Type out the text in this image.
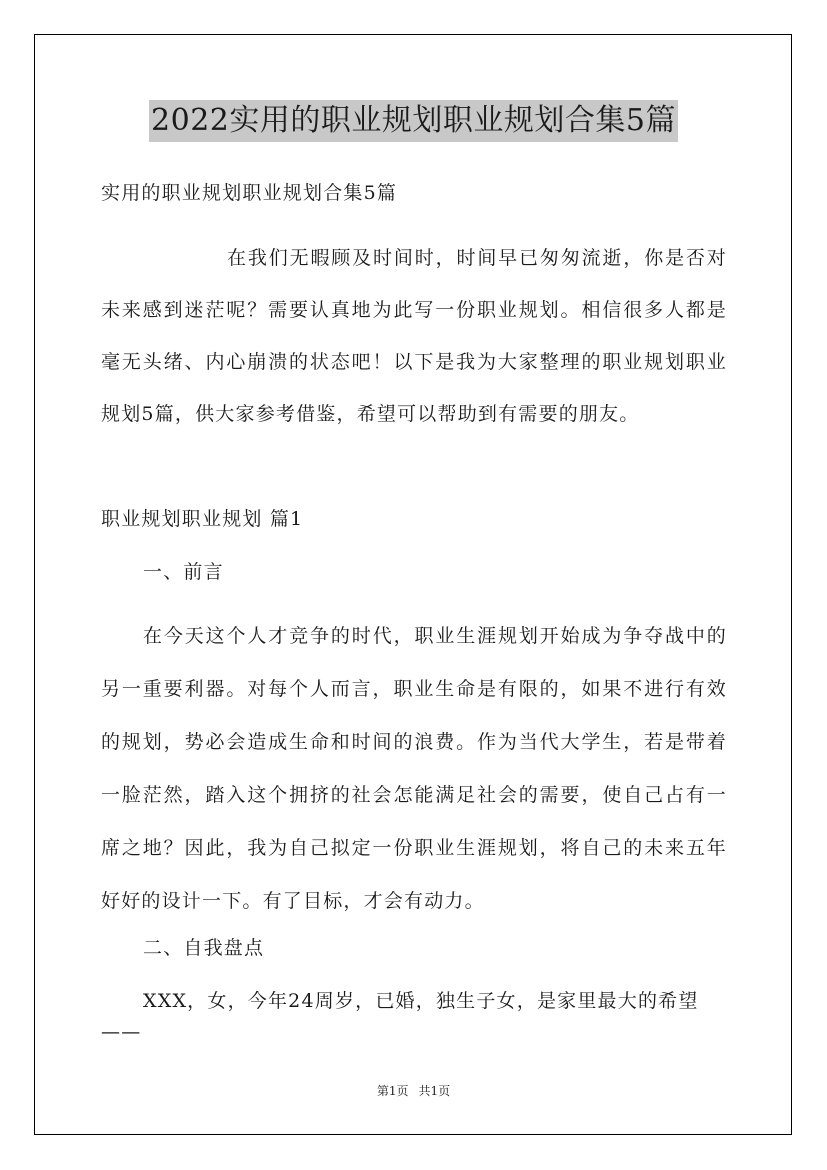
2022实用的职业规划职业规划合集5篇

实用的职业规划职业规划合集5篇

在我们无暇顾及时间时，时间早已匆匆流逝，你是否对未来感到迷茫呢？需要认真地为此写一份职业规划。相信很多人都是毫无头绪、内心崩溃的状态吧！以下是我为大家整理的职业规划职业规划5篇，供大家参考借鉴，希望可以帮助到有需要的朋友。

职业规划职业规划 篇1

一、前言

在今天这个人才竞争的时代，职业生涯规划开始成为争夺战中的另一重要利器。对每个人而言，职业生命是有限的，如果不进行有效的规划，势必会造成生命和时间的浪费。作为当代大学生，若是带着一脸茫然，踏入这个拥挤的社会怎能满足社会的需要，使自己占有一席之地？因此，我为自己拟定一份职业生涯规划，将自己的未来五年好好的设计一下。有了目标，才会有动力。

二、自我盘点

XXX，女，今年24周岁，已婚，独生子女，是家里最大的希望——

第1页 共1页
